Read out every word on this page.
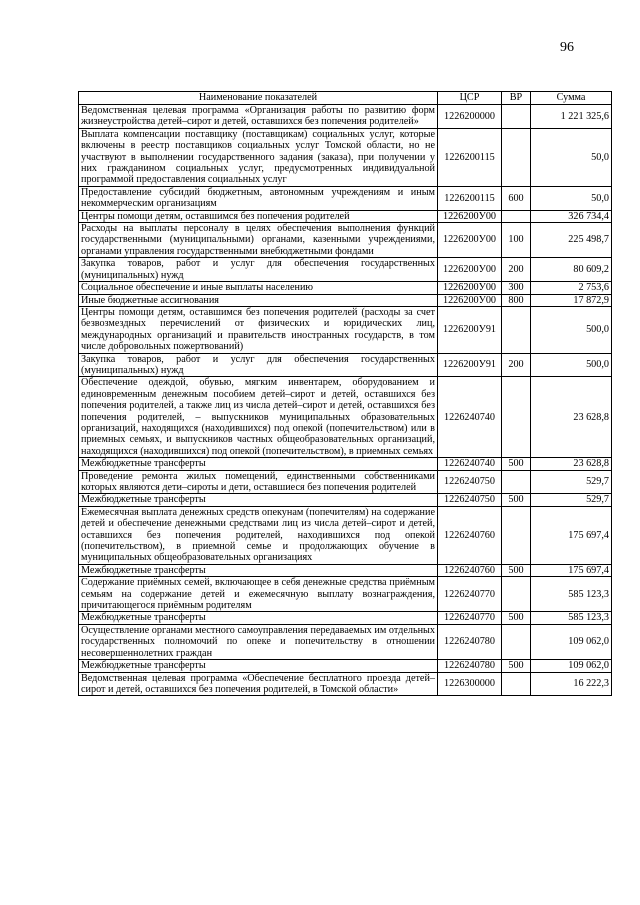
96
Наименование показателей	ЦСР	ВР	Сумма
Ведомственная целевая программа «Организация работы по развитию форм жизнеустройства детей–сирот и детей, оставшихся без попечения родителей»	1226200000		1 221 325,6
Выплата компенсации поставщику (поставщикам) социальных услуг, которые включены в реестр поставщиков социальных услуг Томской области, но не участвуют в выполнении государственного задания (заказа), при получении у них гражданином социальных услуг, предусмотренных индивидуальной программой предоставления социальных услуг	1226200115		50,0
Предоставление субсидий бюджетным, автономным учреждениям и иным некоммерческим организациям	1226200115	600	50,0
Центры помощи детям, оставшимся без попечения родителей	1226200У00		326 734,4
Расходы на выплаты персоналу в целях обеспечения выполнения функций государственными (муниципальными) органами, казенными учреждениями, органами управления государственными внебюджетными фондами	1226200У00	100	225 498,7
Закупка товаров, работ и услуг для обеспечения государственных (муниципальных) нужд	1226200У00	200	80 609,2
Социальное обеспечение и иные выплаты населению	1226200У00	300	2 753,6
Иные бюджетные ассигнования	1226200У00	800	17 872,9
Центры помощи детям, оставшимся без попечения родителей (расходы за счет безвозмездных перечислений от физических и юридических лиц, международных организаций и правительств иностранных государств, в том числе добровольных пожертвований)	1226200У91		500,0
Закупка товаров, работ и услуг для обеспечения государственных (муниципальных) нужд	1226200У91	200	500,0
Обеспечение одеждой, обувью, мягким инвентарем, оборудованием и единовременным денежным пособием детей–сирот и детей, оставшихся без попечения родителей, а также лиц из числа детей–сирот и детей, оставшихся без попечения родителей, – выпускников муниципальных образовательных организаций, находящихся (находившихся) под опекой (попечительством) или в приемных семьях, и выпускников частных общеобразовательных организаций, находящихся (находившихся) под опекой (попечительством), в приемных семьях	1226240740		23 628,8
Межбюджетные трансферты	1226240740	500	23 628,8
Проведение ремонта жилых помещений, единственными собственниками которых являются дети–сироты и дети, оставшиеся без попечения родителей	1226240750		529,7
Межбюджетные трансферты	1226240750	500	529,7
Ежемесячная выплата денежных средств опекунам (попечителям) на содержание детей и обеспечение денежными средствами лиц из числа детей–сирот и детей, оставшихся без попечения родителей, находившихся под опекой (попечительством), в приемной семье и продолжающих обучение в муниципальных общеобразовательных организациях	1226240760		175 697,4
Межбюджетные трансферты	1226240760	500	175 697,4
Содержание приёмных семей, включающее в себя денежные средства приёмным семьям на содержание детей и ежемесячную выплату вознаграждения, причитающегося приёмным родителям	1226240770		585 123,3
Межбюджетные трансферты	1226240770	500	585 123,3
Осуществление органами местного самоуправления передаваемых им отдельных государственных полномочий по опеке и попечительству в отношении несовершеннолетних граждан	1226240780		109 062,0
Межбюджетные трансферты	1226240780	500	109 062,0
Ведомственная целевая программа «Обеспечение бесплатного проезда детей–сирот и детей, оставшихся без попечения родителей, в Томской области»	1226300000		16 222,3
